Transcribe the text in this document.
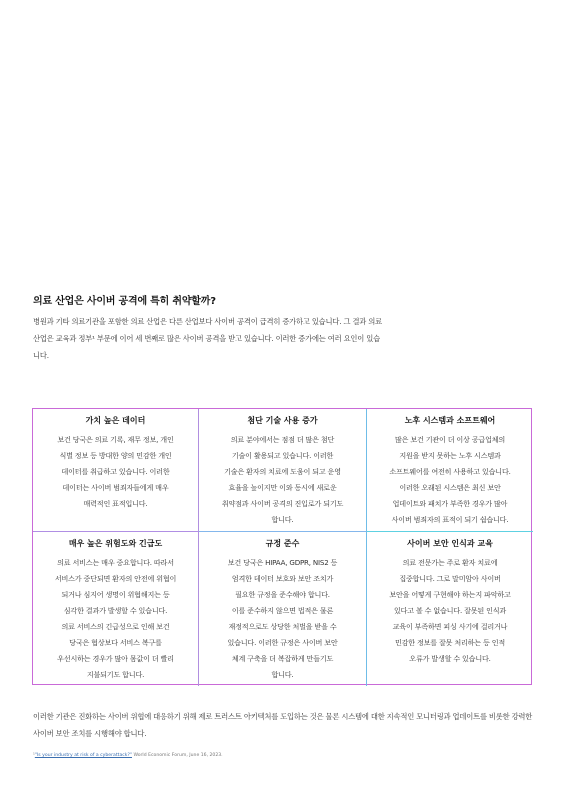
의료 산업은 사이버 공격에 특히 취약할까?
병원과 기타 의료기관을 포함한 의료 산업은 다른 산업보다 사이버 공격이 급격히 증가하고 있습니다. 그 결과 의료 산업은 교육과 정부¹ 부문에 이어 세 번째로 많은 사이버 공격을 받고 있습니다. 이러한 증가에는 여러 요인이 있습니다.
가치 높은 데이터
보건 당국은 의료 기록, 재무 정보, 개인
식별 정보 등 방대한 양의 민감한 개인
데이터를 취급하고 있습니다. 이러한
데이터는 사이버 범죄자들에게 매우
매력적인 표적입니다.
첨단 기술 사용 증가
의료 분야에서는 점점 더 많은 첨단
기술이 활용되고 있습니다. 이러한
기술은 환자의 치료에 도움이 되고 운영
효율을 높이지만 이와 동시에 새로운
취약점과 사이버 공격의 진입로가 되기도
합니다.
노후 시스템과 소프트웨어
많은 보건 기관이 더 이상 공급업체의
지원을 받지 못하는 노후 시스템과
소프트웨어를 여전히 사용하고 있습니다.
이러한 오래된 시스템은 최신 보안
업데이트와 패치가 부족한 경우가 많아
사이버 범죄자의 표적이 되기 쉽습니다.
매우 높은 위험도와 긴급도
의료 서비스는 매우 중요합니다. 따라서
서비스가 중단되면 환자의 안전에 위협이
되거나 심지어 생명이 위협해지는 등
심각한 결과가 발생할 수 있습니다.
의료 서비스의 긴급성으로 인해 보건
당국은 협상보다 서비스 복구를
우선시하는 경우가 많아 몸값이 더 빨리
지불되기도 합니다.
규정 준수
보건 당국은 HIPAA, GDPR, NIS2 등
엄격한 데이터 보호와 보안 조치가
필요한 규정을 준수해야 합니다.
이를 준수하지 않으면 법적은 물론
재정적으로도 상당한 처벌을 받을 수
있습니다. 이러한 규정은 사이버 보안
체계 구축을 더 복잡하게 만들기도
합니다.
사이버 보안 인식과 교육
의료 전문가는 주로 환자 치료에
집중합니다. 그로 말미암아 사이버
보안을 어떻게 구현해야 하는지 파악하고
있다고 볼 수 없습니다. 잘못된 인식과
교육이 부족하면 피싱 사기에 걸리거나
민감한 정보를 잘못 처리하는 등 인적
오류가 발생할 수 있습니다.
이러한 기관은 진화하는 사이버 위협에 대응하기 위해 제로 트러스트 아키텍처를 도입하는 것은 물론 시스템에 대한 지속적인 모니터링과 업데이트를 비롯한 강력한 사이버 보안 조치를 시행해야 합니다.
¹"Is your industry at risk of a cyberattack?" World Economic Forum, June 16, 2023.
